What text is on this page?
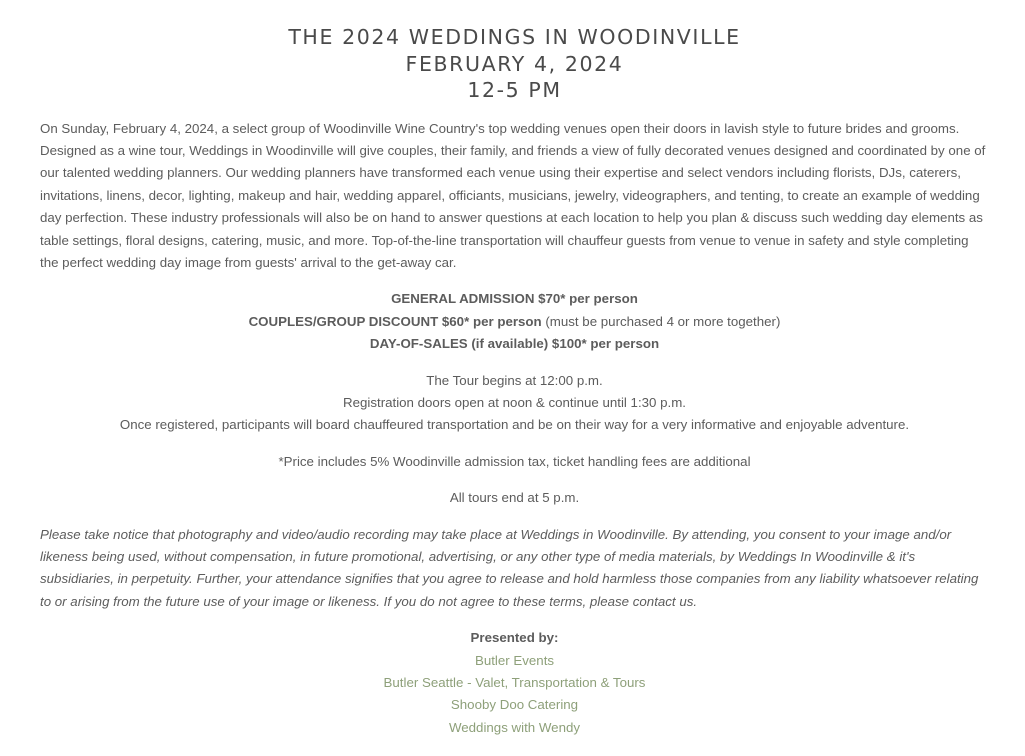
THE 2024 WEDDINGS IN WOODINVILLE
FEBRUARY 4, 2024
12-5 PM

On Sunday, February 4, 2024, a select group of Woodinville Wine Country's top wedding venues open their doors in lavish style to future brides and grooms. Designed as a wine tour, Weddings in Woodinville will give couples, their family, and friends a view of fully decorated venues designed and coordinated by one of our talented wedding planners. Our wedding planners have transformed each venue using their expertise and select vendors including florists, DJs, caterers, invitations, linens, decor, lighting, makeup and hair, wedding apparel, officiants, musicians, jewelry, videographers, and tenting, to create an example of wedding day perfection. These industry professionals will also be on hand to answer questions at each location to help you plan & discuss such wedding day elements as table settings, floral designs, catering, music, and more. Top-of-the-line transportation will chauffeur guests from venue to venue in safety and style completing the perfect wedding day image from guests' arrival to the get-away car.

GENERAL ADMISSION $70* per person
COUPLES/GROUP DISCOUNT $60* per person (must be purchased 4 or more together)
DAY-OF-SALES (if available) $100* per person
The Tour begins at 12:00 p.m.
Registration doors open at noon & continue until 1:30 p.m.
Once registered, participants will board chauffeured transportation and be on their way for a very informative and enjoyable adventure.
*Price includes 5% Woodinville admission tax, ticket handling fees are additional
All tours end at 5 p.m.

Please take notice that photography and video/audio recording may take place at Weddings in Woodinville. By attending, you consent to your image and/or likeness being used, without compensation, in future promotional, advertising, or any other type of media materials, by Weddings In Woodinville & it's subsidiaries, in perpetuity. Further, your attendance signifies that you agree to release and hold harmless those companies from any liability whatsoever relating to or arising from the future use of your image or likeness. If you do not agree to these terms, please contact us.

Presented by:
Butler Events
Butler Seattle - Valet, Transportation & Tours
Shooby Doo Catering
Weddings with Wendy
